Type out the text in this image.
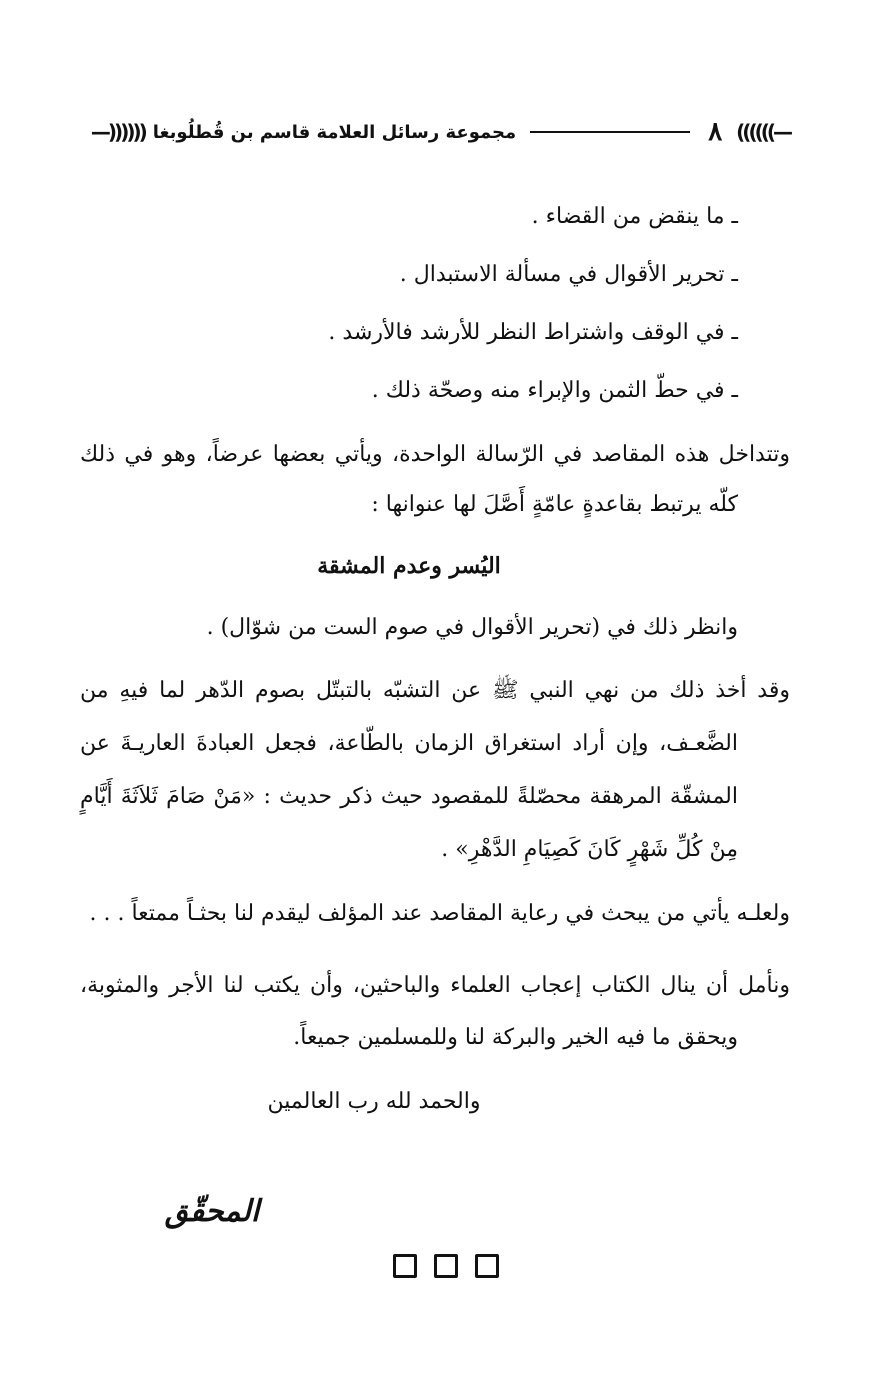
—))))))
٨
مجموعة رسائل العلامة قاسم بن قُطلُوبغا
((((((—
ـ ما ينقض من القضاء .
ـ تحرير الأقوال في مسألة الاستبدال .
ـ في الوقف واشتراط النظر للأرشد فالأرشد .
ـ في حطّ الثمن والإبراء منه وصحّة ذلك .

وتتداخل هذه المقاصد في الرّسالة الواحدة، ويأتي بعضها عرضاً، وهو في ذلك كلّه يرتبط بقاعدةٍ عامّةٍ أَصَّلَ لها عنوانها :

اليُسر وعدم المشقة

وانظر ذلك في (تحرير الأقوال في صوم الست من شوّال) .

وقد أخذ ذلك من نهي النبي ﷺ عن التشبّه بالتبتّل بصوم الدّهر لما فيهِ من الضَّعـف، وإن أراد استغراق الزمان بالطّاعة، فجعل العبادةَ العاريـةَ عن المشقّة المرهقة محصّلةً للمقصود حيث ذكر حديث : «مَنْ صَامَ ثَلاَثَةَ أَيَّامٍ مِنْ كُلِّ شَهْرٍ كَانَ كَصِيَامِ الدَّهْرِ» .

ولعلـه يأتي من يبحث في رعاية المقاصد عند المؤلف ليقدم لنا بحثـاً ممتعاً . . .

ونأمل أن ينال الكتاب إعجاب العلماء والباحثين، وأن يكتب لنا الأجر والمثوبة، ويحقق ما فيه الخير والبركة لنا وللمسلمين جميعاً.

والحمد لله رب العالمين

المحقّق
